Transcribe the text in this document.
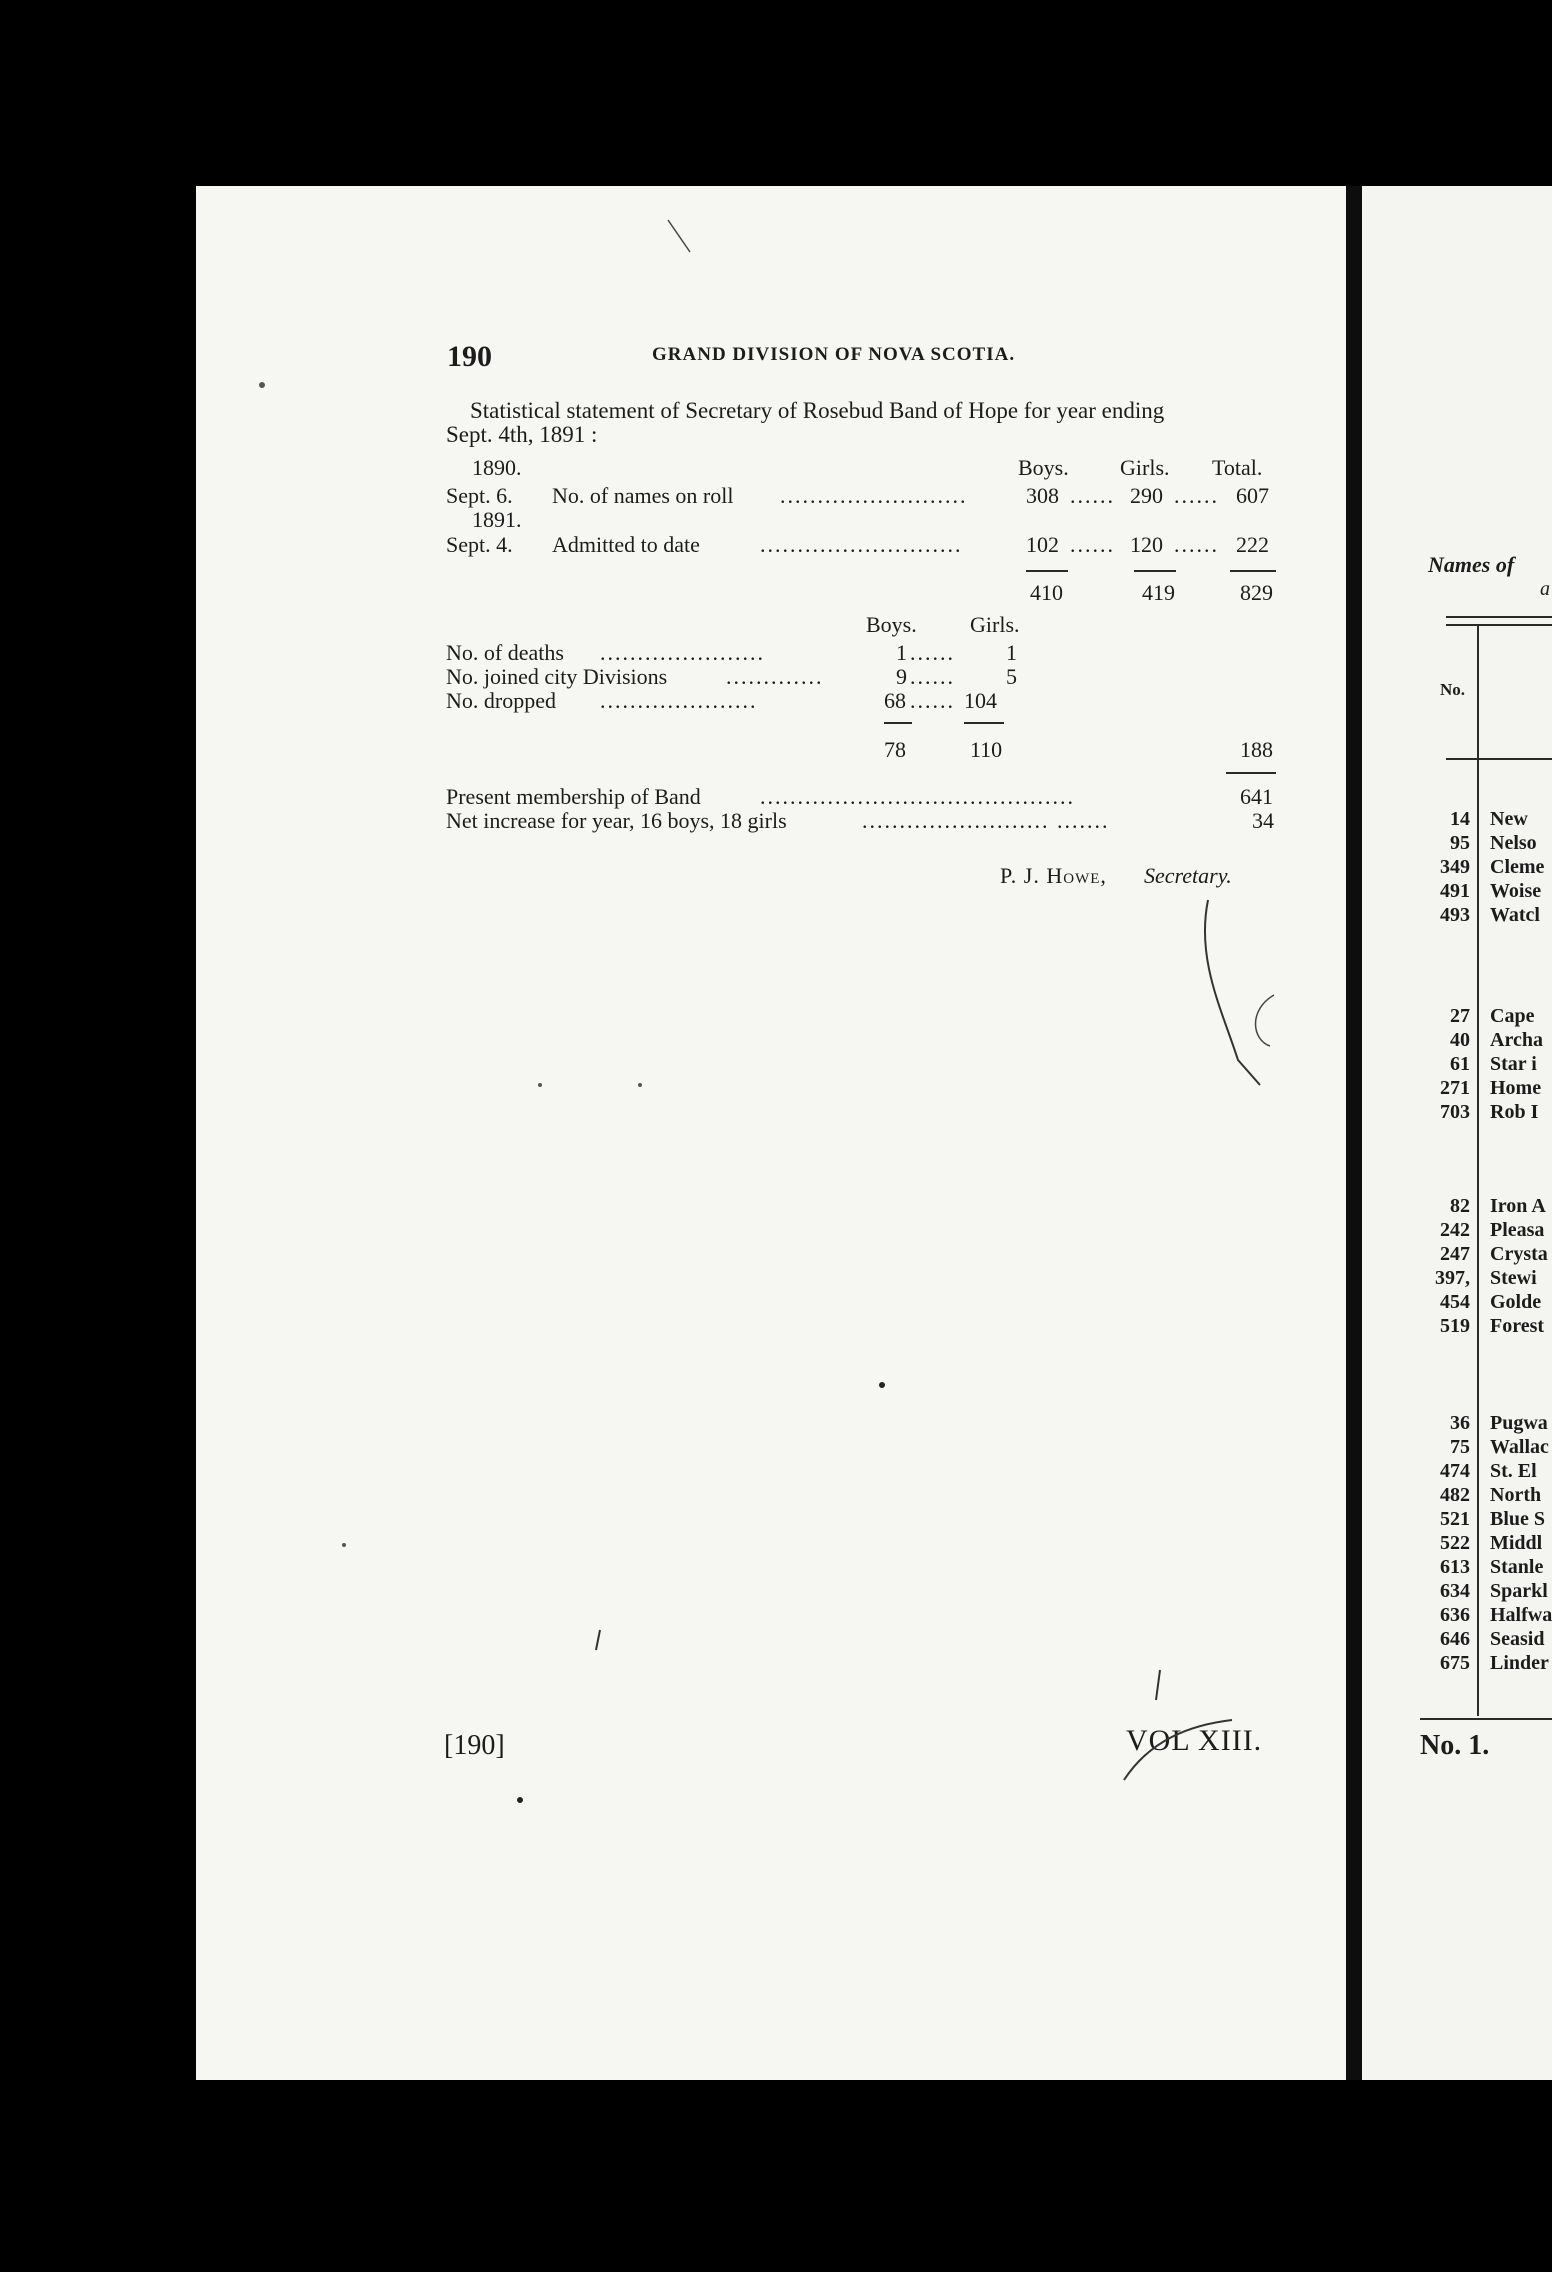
190	GRAND DIVISION OF NOVA SCOTIA.
Statistical statement of Secretary of Rosebud Band of Hope for year ending
Sept. 4th, 1891 :
1890.	Boys. Girls. Total.
Sept. 6. No. of names on roll .........................	308 ...... 290 ...... 607
1891.
Sept. 4. Admitted to date	...........................	102 ...... 120 ...... 222
410	419	829
Boys. Girls.
No. of deaths ......................	1 ...... 1
No. joined city Divisions	.............	9 ...... 5
No. dropped .....................	68 ...... 104
78	110	188
Present membership of Band	..........................................	641
Net increase for year, 16 boys, 18 girls	......................... .......	34
P. J. Howe, Secretary.
[190]	VOL XIII.
Names of
a
No.
14 New
95 Nelso
349 Cleme
491 Woise
493 Watcl
27 Cape
40 Archa
61 Star i
271 Home
703 Rob I
82 Iron A
242 Pleasa
247 Crysta
397, Stewi
454 Golde
519 Forest
36 Pugwa
75 Wallac
474 St. El
482 North
521 Blue S
522 Middl
613 Stanle
634 Sparkl
636 Halfwa
646 Seasid
675 Linder
No. 1.
